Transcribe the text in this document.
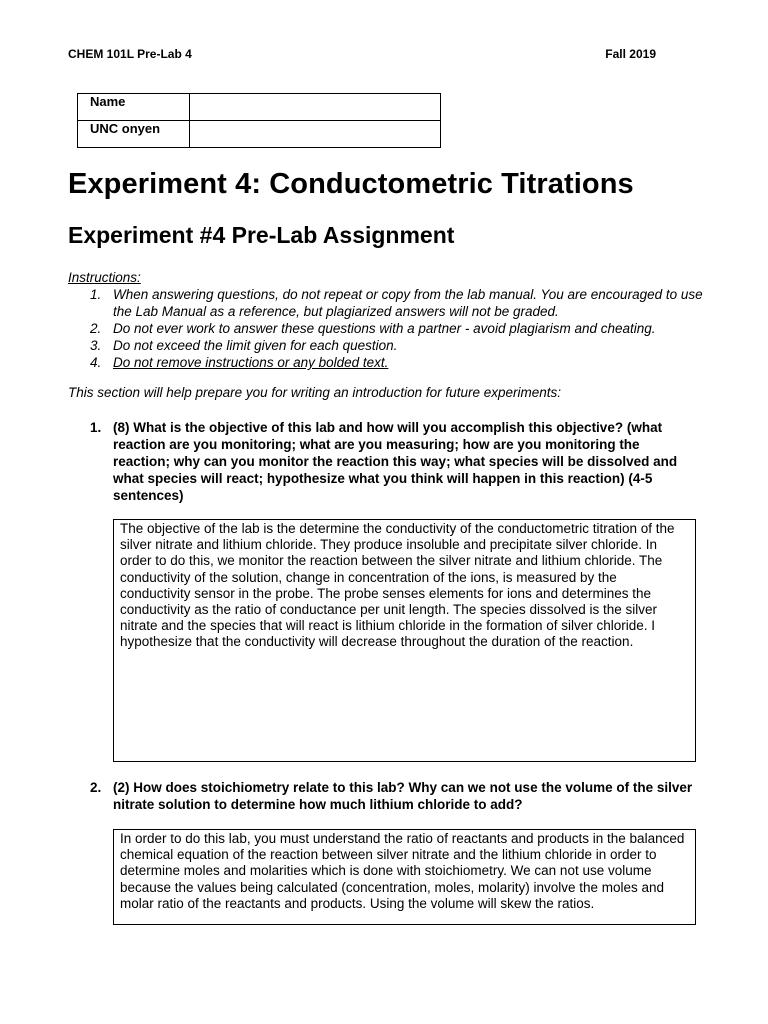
CHEM 101L Pre-Lab 4	Fall 2019
Name	
UNC onyen	
Experiment 4: Conductometric Titrations
Experiment #4 Pre-Lab Assignment
Instructions:
1. When answering questions, do not repeat or copy from the lab manual. You are encouraged to use the Lab Manual as a reference, but plagiarized answers will not be graded.
2. Do not ever work to answer these questions with a partner - avoid plagiarism and cheating.
3. Do not exceed the limit given for each question.
4. Do not remove instructions or any bolded text.
This section will help prepare you for writing an introduction for future experiments:
1. (8) What is the objective of this lab and how will you accomplish this objective? (what reaction are you monitoring; what are you measuring; how are you monitoring the reaction; why can you monitor the reaction this way; what species will be dissolved and what species will react; hypothesize what you think will happen in this reaction) (4-5 sentences)
The objective of the lab is the determine the conductivity of the conductometric titration of the silver nitrate and lithium chloride. They produce insoluble and precipitate silver chloride. In order to do this, we monitor the reaction between the silver nitrate and lithium chloride. The conductivity of the solution, change in concentration of the ions, is measured by the conductivity sensor in the probe. The probe senses elements for ions and determines the conductivity as the ratio of conductance per unit length. The species dissolved is the silver nitrate and the species that will react is lithium chloride in the formation of silver chloride. I hypothesize that the conductivity will decrease throughout the duration of the reaction.
2. (2) How does stoichiometry relate to this lab? Why can we not use the volume of the silver nitrate solution to determine how much lithium chloride to add?
In order to do this lab, you must understand the ratio of reactants and products in the balanced chemical equation of the reaction between silver nitrate and the lithium chloride in order to determine moles and molarities which is done with stoichiometry. We can not use volume because the values being calculated (concentration, moles, molarity) involve the moles and molar ratio of the reactants and products. Using the volume will skew the ratios.
